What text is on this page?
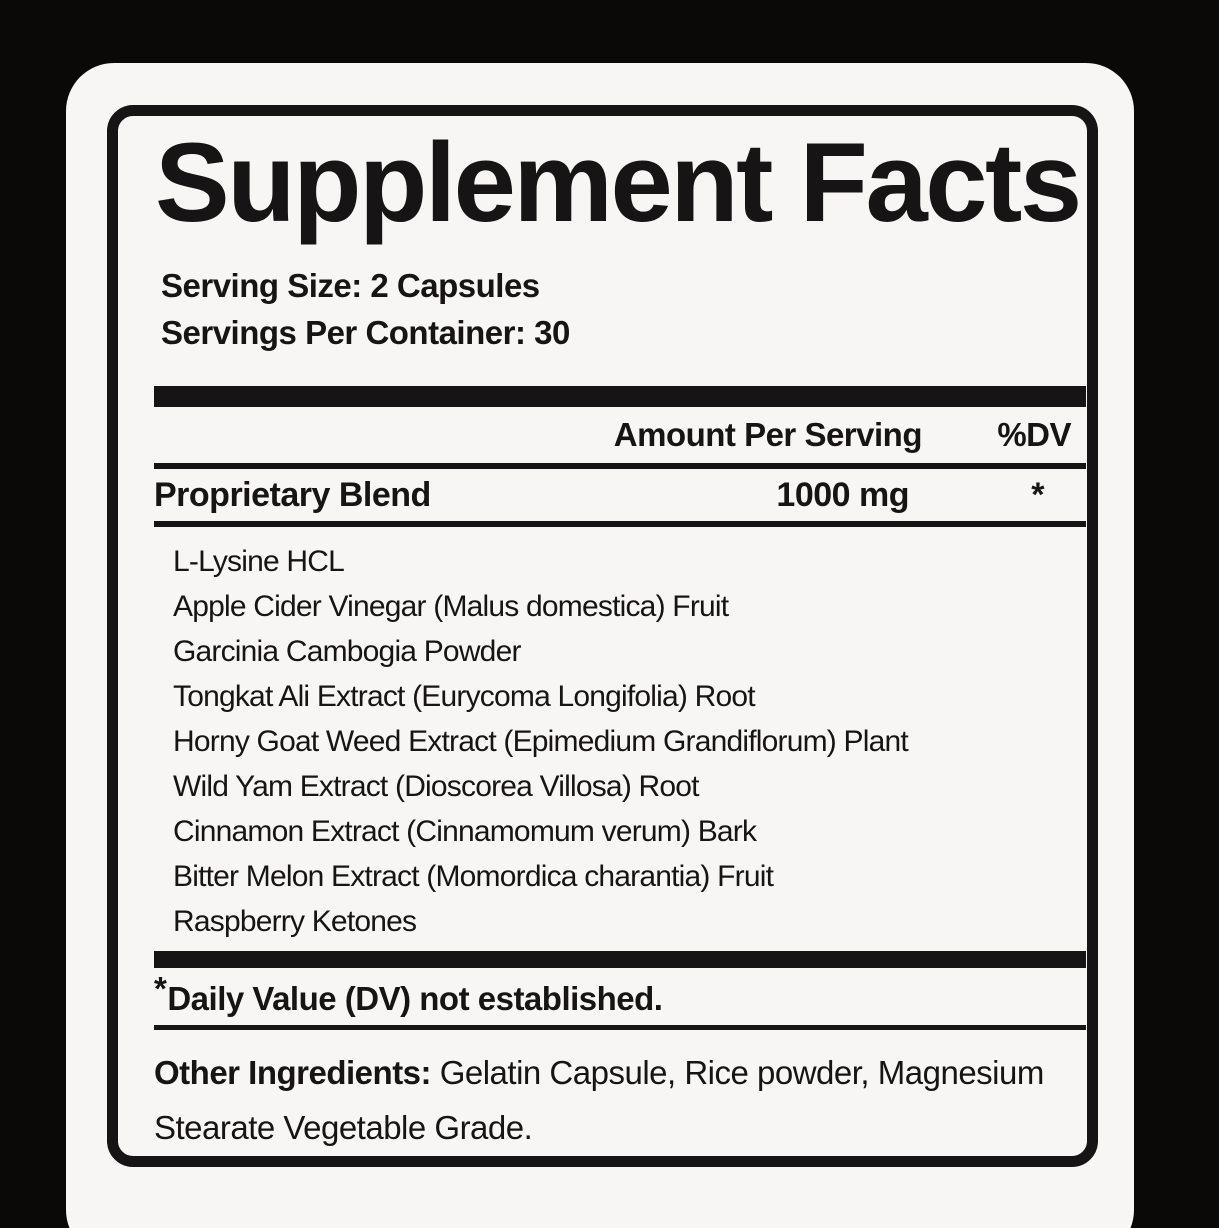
Supplement Facts
Serving Size: 2 Capsules
Servings Per Container: 30
Amount Per Serving %DV
Proprietary Blend	1000 mg	*
L-Lysine HCL
Apple Cider Vinegar (Malus domestica) Fruit
Garcinia Cambogia Powder
Tongkat Ali Extract (Eurycoma Longifolia) Root
Horny Goat Weed Extract (Epimedium Grandiflorum) Plant
Wild Yam Extract (Dioscorea Villosa) Root
Cinnamon Extract (Cinnamomum verum) Bark
Bitter Melon Extract (Momordica charantia) Fruit
Raspberry Ketones
*Daily Value (DV) not established.
Other Ingredients: Gelatin Capsule, Rice powder, Magnesium Stearate Vegetable Grade.
